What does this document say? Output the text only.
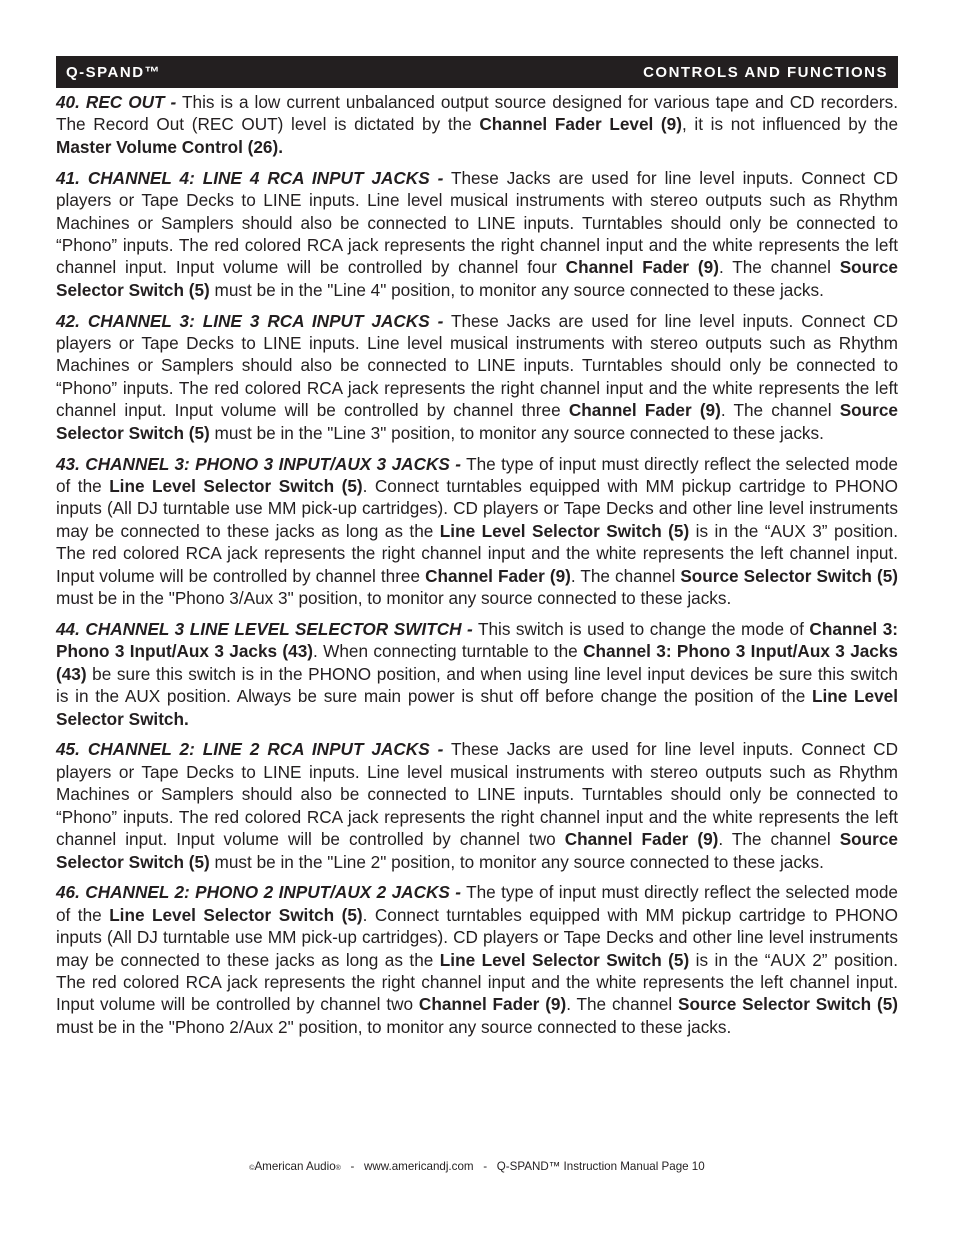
Q-SPAND™	CONTROLS AND FUNCTIONS

40. REC OUT - This is a low current unbalanced output source designed for various tape and CD recorders. The Record Out (REC OUT) level is dictated by the Channel Fader Level (9), it is not influenced by the Master Volume Control (26).

41. CHANNEL 4: LINE 4 RCA INPUT JACKS - These Jacks are used for line level inputs. Connect CD players or Tape Decks to LINE inputs. Line level musical instruments with stereo outputs such as Rhythm Machines or Samplers should also be connected to LINE inputs. Turntables should only be connected to “Phono” inputs. The red colored RCA jack represents the right channel input and the white represents the left channel input. Input volume will be controlled by channel four Channel Fader (9). The channel Source Selector Switch (5) must be in the "Line 4" position, to monitor any source connected to these jacks.

42. CHANNEL 3: LINE 3 RCA INPUT JACKS - These Jacks are used for line level inputs. Connect CD players or Tape Decks to LINE inputs. Line level musical instruments with stereo outputs such as Rhythm Machines or Samplers should also be connected to LINE inputs. Turntables should only be connected to “Phono” inputs. The red colored RCA jack represents the right channel input and the white represents the left channel input. Input volume will be controlled by channel three Channel Fader (9). The channel Source Selector Switch (5) must be in the "Line 3" position, to monitor any source connected to these jacks.

43. CHANNEL 3: PHONO 3 INPUT/AUX 3 JACKS - The type of input must directly reflect the selected mode of the Line Level Selector Switch (5). Connect turntables equipped with MM pickup cartridge to PHONO inputs (All DJ turntable use MM pick-up cartridges). CD players or Tape Decks and other line level instruments may be connected to these jacks as long as the Line Level Selector Switch (5) is in the “AUX 3” position. The red colored RCA jack represents the right channel input and the white represents the left channel input. Input volume will be controlled by channel three Channel Fader (9). The channel Source Selector Switch (5) must be in the "Phono 3/Aux 3" position, to monitor any source connected to these jacks.

44. CHANNEL 3 LINE LEVEL SELECTOR SWITCH - This switch is used to change the mode of Channel 3: Phono 3 Input/Aux 3 Jacks (43). When connecting turntable to the Channel 3: Phono 3 Input/Aux 3 Jacks (43) be sure this switch is in the PHONO position, and when using line level input devices be sure this switch is in the AUX position. Always be sure main power is shut off before change the position of the Line Level Selector Switch.

45. CHANNEL 2: LINE 2 RCA INPUT JACKS - These Jacks are used for line level inputs. Connect CD players or Tape Decks to LINE inputs. Line level musical instruments with stereo outputs such as Rhythm Machines or Samplers should also be connected to LINE inputs. Turntables should only be connected to “Phono” inputs. The red colored RCA jack represents the right channel input and the white represents the left channel input. Input volume will be controlled by channel two Channel Fader (9). The channel Source Selector Switch (5) must be in the "Line 2" position, to monitor any source connected to these jacks.

46. CHANNEL 2: PHONO 2 INPUT/AUX 2 JACKS - The type of input must directly reflect the selected mode of the Line Level Selector Switch (5). Connect turntables equipped with MM pickup cartridge to PHONO inputs (All DJ turntable use MM pick-up cartridges). CD players or Tape Decks and other line level instruments may be connected to these jacks as long as the Line Level Selector Switch (5) is in the “AUX 2” position. The red colored RCA jack represents the right channel input and the white represents the left channel input. Input volume will be controlled by channel two Channel Fader (9). The channel Source Selector Switch (5) must be in the "Phono 2/Aux 2" position, to monitor any source connected to these jacks.

©American Audio® - www.americandj.com - Q-SPAND™ Instruction Manual Page 10
